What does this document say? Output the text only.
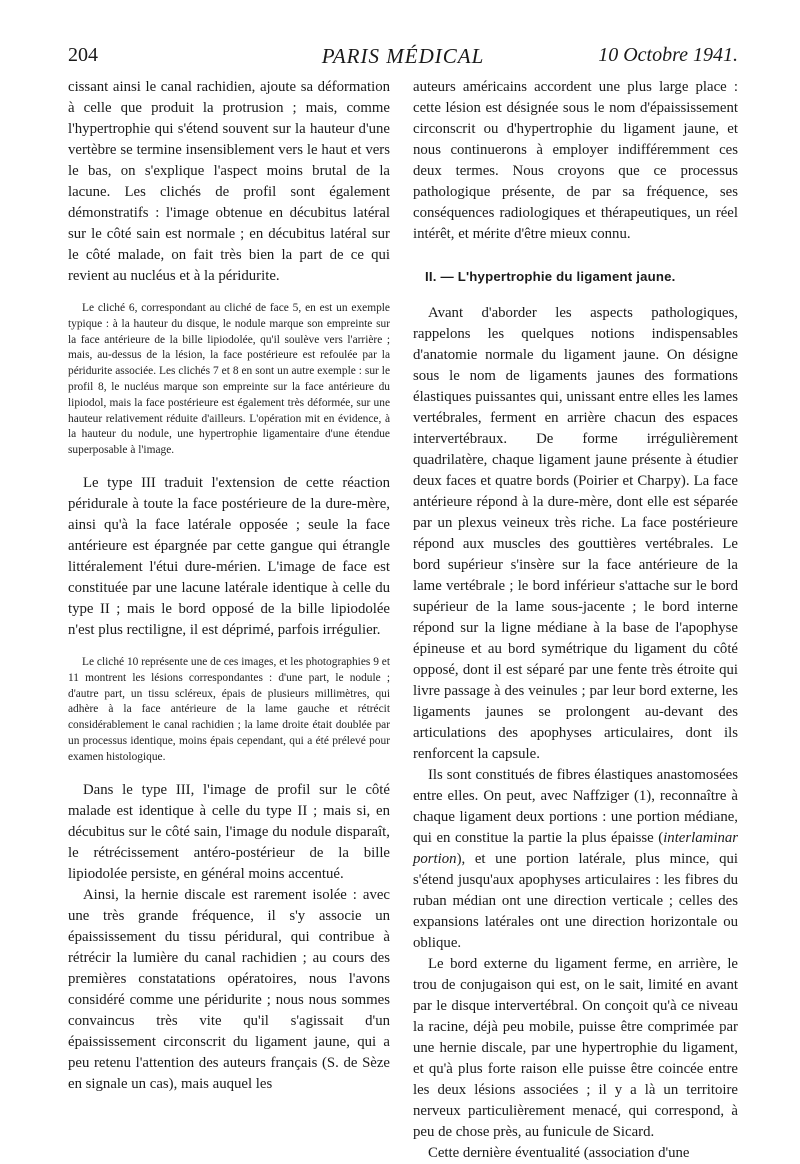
204	PARIS MÉDICAL	10 Octobre 1941.

cissant ainsi le canal rachidien, ajoute sa déformation à celle que produit la protrusion ; mais, comme l'hypertrophie qui s'étend souvent sur la hauteur d'une vertèbre se termine insensiblement vers le haut et vers le bas, on s'explique l'aspect moins brutal de la lacune. Les clichés de profil sont également démonstratifs : l'image obtenue en décubitus latéral sur le côté sain est normale ; en décubitus latéral sur le côté malade, on fait très bien la part de ce qui revient au nucléus et à la péridurite.

Le cliché 6, correspondant au cliché de face 5, en est un exemple typique : à la hauteur du disque, le nodule marque son empreinte sur la face antérieure de la bille lipiodolée, qu'il soulève vers l'arrière ; mais, au-dessus de la lésion, la face postérieure est refoulée par la péridurite associée. Les clichés 7 et 8 en sont un autre exemple : sur le profil 8, le nucléus marque son empreinte sur la face antérieure du lipiodol, mais la face postérieure est également très déformée, sur une hauteur relativement réduite d'ailleurs. L'opération mit en évidence, à la hauteur du nodule, une hypertrophie ligamentaire d'une étendue superposable à l'image.

Le type III traduit l'extension de cette réaction péridurale à toute la face postérieure de la dure-mère, ainsi qu'à la face latérale opposée ; seule la face antérieure est épargnée par cette gangue qui étrangle littéralement l'étui dure-mérien. L'image de face est constituée par une lacune latérale identique à celle du type II ; mais le bord opposé de la bille lipiodolée n'est plus rectiligne, il est déprimé, parfois irrégulier.

Le cliché 10 représente une de ces images, et les photographies 9 et 11 montrent les lésions correspondantes : d'une part, le nodule ; d'autre part, un tissu scléreux, épais de plusieurs millimètres, qui adhère à la face antérieure de la lame gauche et rétrécit considérablement le canal rachidien ; la lame droite était doublée par un processus identique, moins épais cependant, qui a été prélevé pour examen histologique.

Dans le type III, l'image de profil sur le côté malade est identique à celle du type II ; mais si, en décubitus sur le côté sain, l'image du nodule disparaît, le rétrécissement antéro-postérieur de la bille lipiodolée persiste, en général moins accentué.

Ainsi, la hernie discale est rarement isolée : avec une très grande fréquence, il s'y associe un épaississement du tissu péridural, qui contribue à rétrécir la lumière du canal rachidien ; au cours des premières constatations opératoires, nous l'avons considéré comme une péridurite ; nous nous sommes convaincus très vite qu'il s'agissait d'un épaississement circonscrit du ligament jaune, qui a peu retenu l'attention des auteurs français (S. de Sèze en signale un cas), mais auquel les

auteurs américains accordent une plus large place : cette lésion est désignée sous le nom d'épaississement circonscrit ou d'hypertrophie du ligament jaune, et nous continuerons à employer indifféremment ces deux termes. Nous croyons que ce processus pathologique présente, de par sa fréquence, ses conséquences radiologiques et thérapeutiques, un réel intérêt, et mérite d'être mieux connu.

II. — L'hypertrophie du ligament jaune.

Avant d'aborder les aspects pathologiques, rappelons les quelques notions indispensables d'anatomie normale du ligament jaune. On désigne sous le nom de ligaments jaunes des formations élastiques puissantes qui, unissant entre elles les lames vertébrales, ferment en arrière chacun des espaces intervertébraux. De forme irrégulièrement quadrilatère, chaque ligament jaune présente à étudier deux faces et quatre bords (Poirier et Charpy). La face antérieure répond à la dure-mère, dont elle est séparée par un plexus veineux très riche. La face postérieure répond aux muscles des gouttières vertébrales. Le bord supérieur s'insère sur la face antérieure de la lame vertébrale ; le bord inférieur s'attache sur le bord supérieur de la lame sous-jacente ; le bord interne répond sur la ligne médiane à la base de l'apophyse épineuse et au bord symétrique du ligament du côté opposé, dont il est séparé par une fente très étroite qui livre passage à des veinules ; par leur bord externe, les ligaments jaunes se prolongent au-devant des articulations des apophyses articulaires, dont ils renforcent la capsule.

Ils sont constitués de fibres élastiques anastomosées entre elles. On peut, avec Naffziger (1), reconnaître à chaque ligament deux portions : une portion médiane, qui en constitue la partie la plus épaisse (interlaminar portion), et une portion latérale, plus mince, qui s'étend jusqu'aux apophyses articulaires : les fibres du ruban médian ont une direction verticale ; celles des expansions latérales ont une direction horizontale ou oblique.

Le bord externe du ligament ferme, en arrière, le trou de conjugaison qui est, on le sait, limité en avant par le disque intervertébral. On conçoit qu'à ce niveau la racine, déjà peu mobile, puisse être comprimée par une hernie discale, par une hypertrophie du ligament, et qu'à plus forte raison elle puisse être coincée entre les deux lésions associées ; il y a là un territoire nerveux particulièrement menacé, qui correspond, à peu de chose près, au funicule de Sicard.

Cette dernière éventualité (association d'une
